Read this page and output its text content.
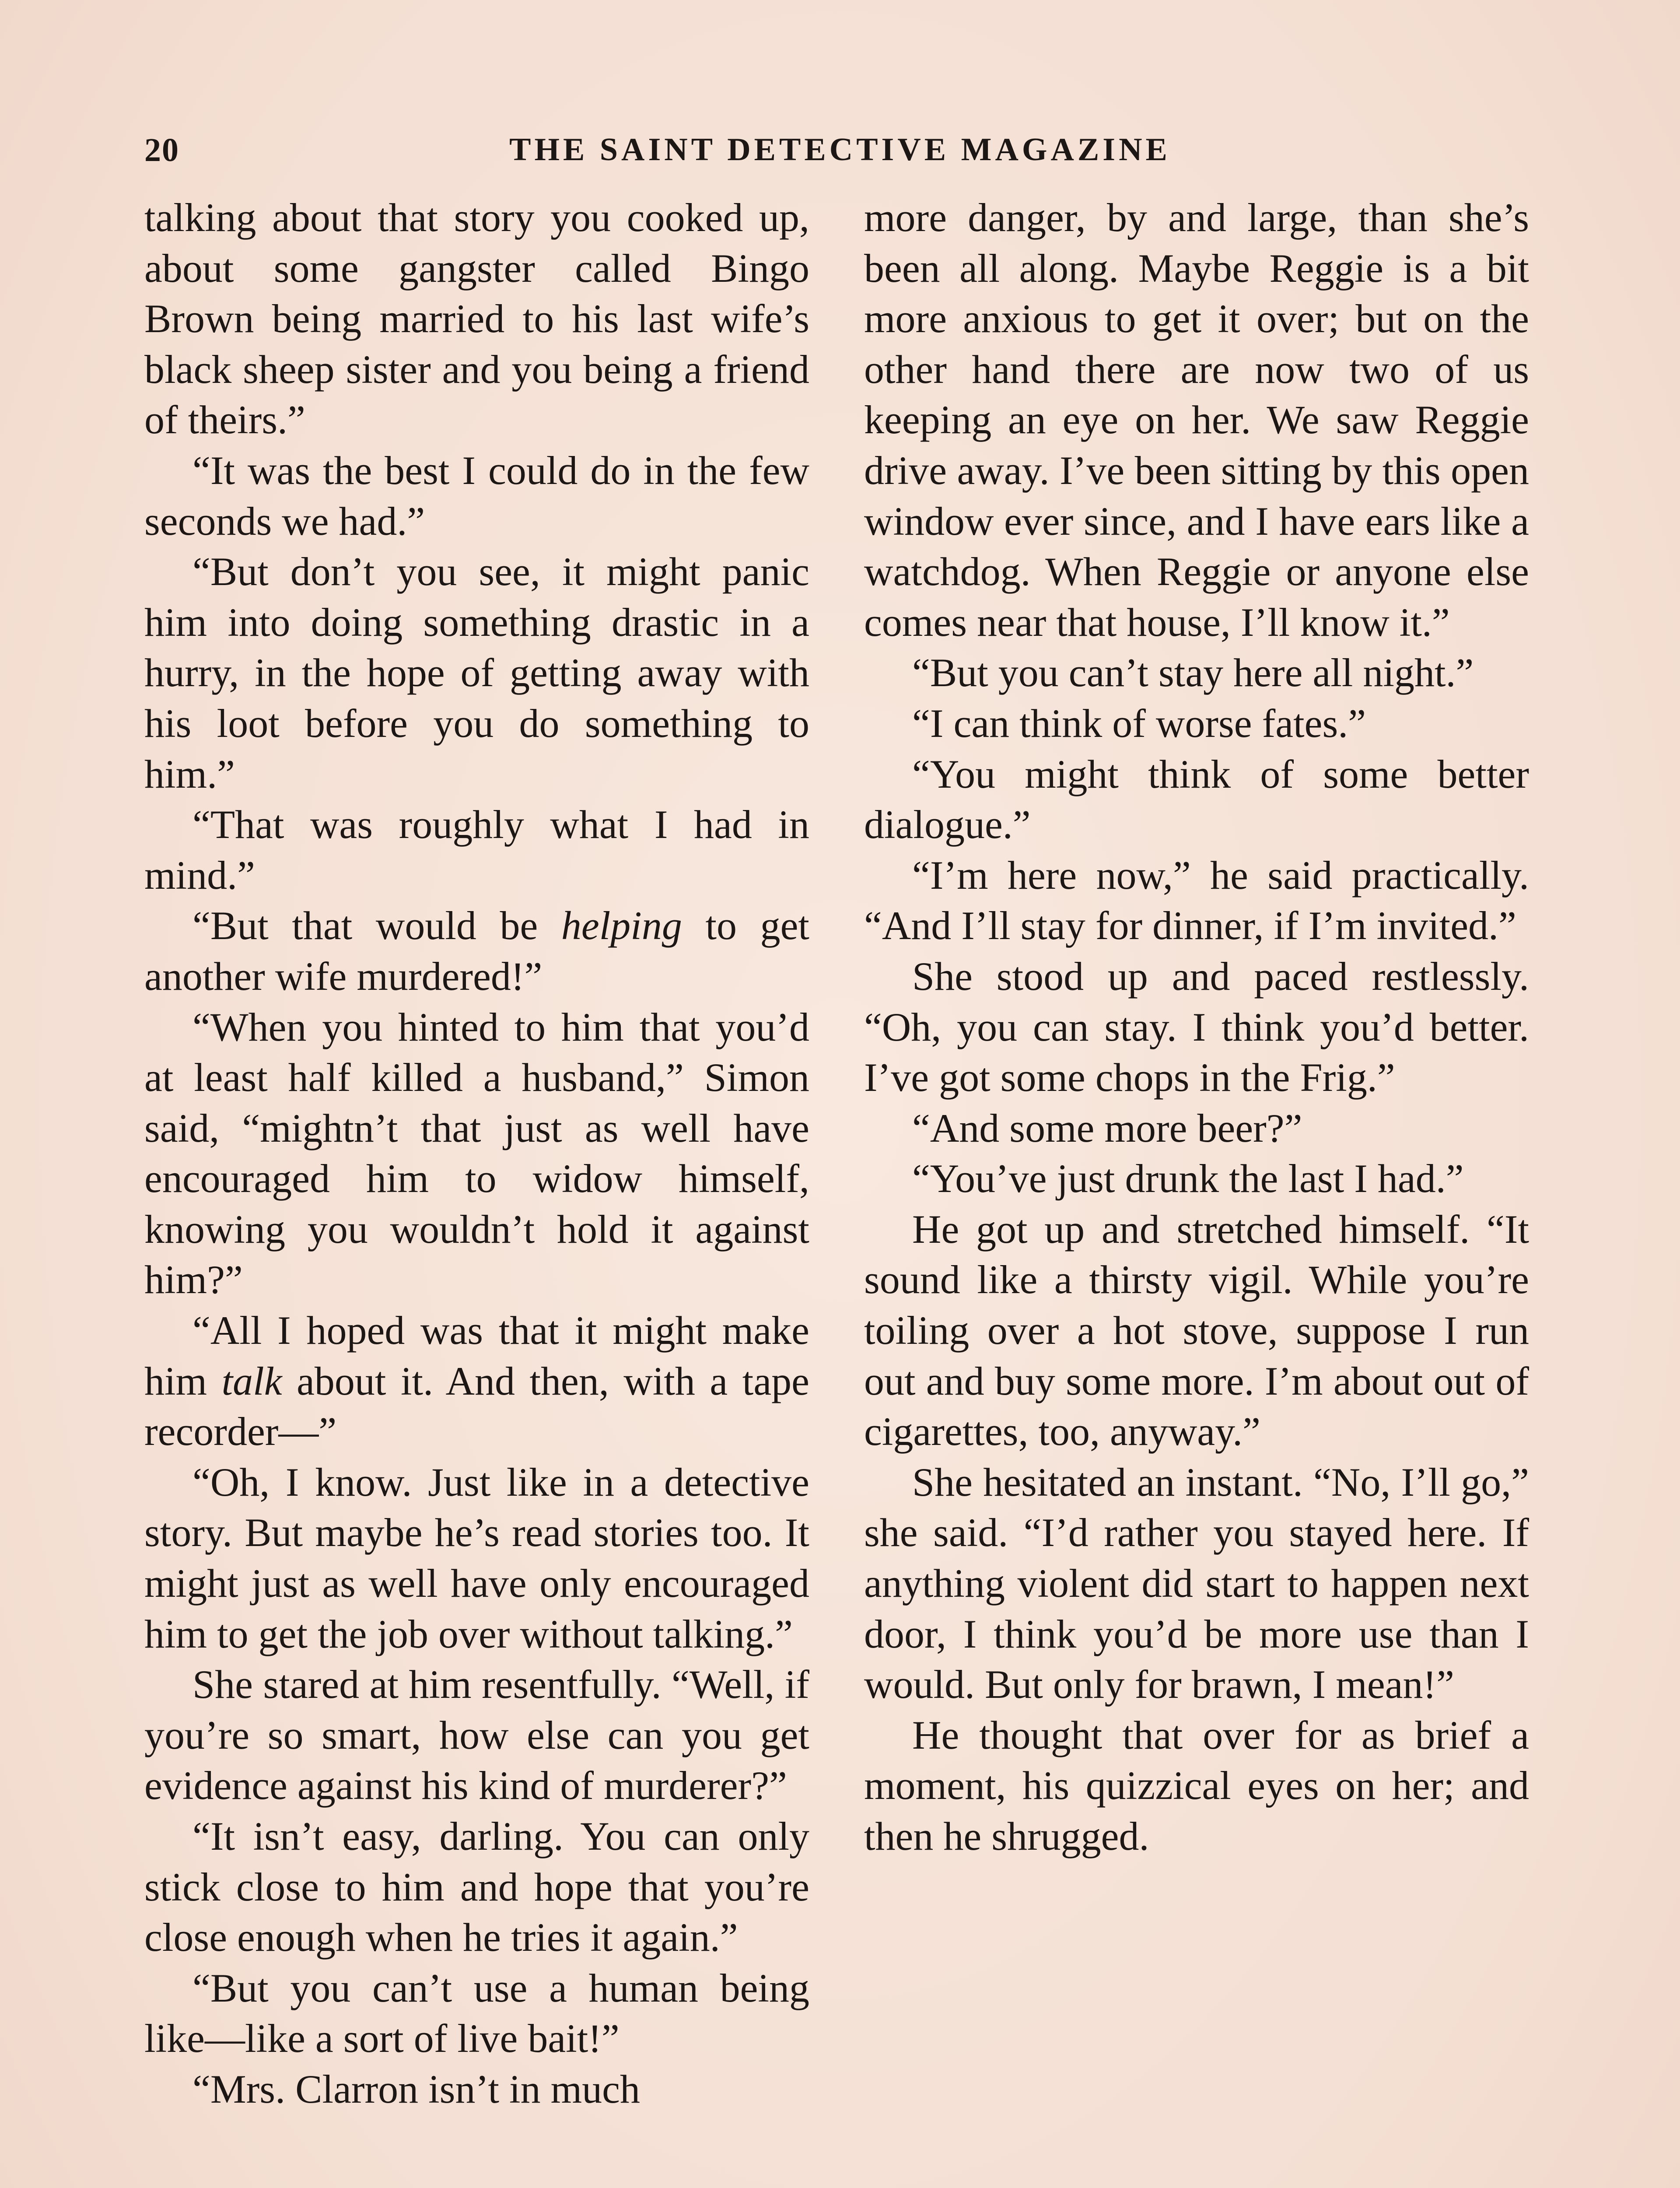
20	THE SAINT DETECTIVE MAGAZINE

talking about that story you cooked up, about some gangster called Bingo Brown being married to his last wife’s black sheep sister and you being a friend of theirs.”

“It was the best I could do in the few seconds we had.”

“But don’t you see, it might panic him into doing something drastic in a hurry, in the hope of getting away with his loot before you do something to him.”

“That was roughly what I had in mind.”

“But that would be helping to get another wife murdered!”

“When you hinted to him that you’d at least half killed a husband,” Simon said, “mightn’t that just as well have encouraged him to widow himself, knowing you wouldn’t hold it against him?”

“All I hoped was that it might make him talk about it. And then, with a tape recorder—”

“Oh, I know. Just like in a detective story. But maybe he’s read stories too. It might just as well have only encouraged him to get the job over without talking.”

She stared at him resentfully. “Well, if you’re so smart, how else can you get evidence against his kind of murderer?”

“It isn’t easy, darling. You can only stick close to him and hope that you’re close enough when he tries it again.”

“But you can’t use a human being like—like a sort of live bait!”

“Mrs. Clarron isn’t in much

more danger, by and large, than she’s been all along. Maybe Reggie is a bit more anxious to get it over; but on the other hand there are now two of us keeping an eye on her. We saw Reggie drive away. I’ve been sitting by this open window ever since, and I have ears like a watchdog. When Reggie or anyone else comes near that house, I’ll know it.”

“But you can’t stay here all night.”

“I can think of worse fates.”

“You might think of some better dialogue.”

“I’m here now,” he said practically. “And I’ll stay for dinner, if I’m invited.”

She stood up and paced restlessly. “Oh, you can stay. I think you’d better. I’ve got some chops in the Frig.”

“And some more beer?”

“You’ve just drunk the last I had.”

He got up and stretched himself. “It sound like a thirsty vigil. While you’re toiling over a hot stove, suppose I run out and buy some more. I’m about out of cigarettes, too, anyway.”

She hesitated an instant. “No, I’ll go,” she said. “I’d rather you stayed here. If anything violent did start to happen next door, I think you’d be more use than I would. But only for brawn, I mean!”

He thought that over for as brief a moment, his quizzical eyes on her; and then he shrugged.
